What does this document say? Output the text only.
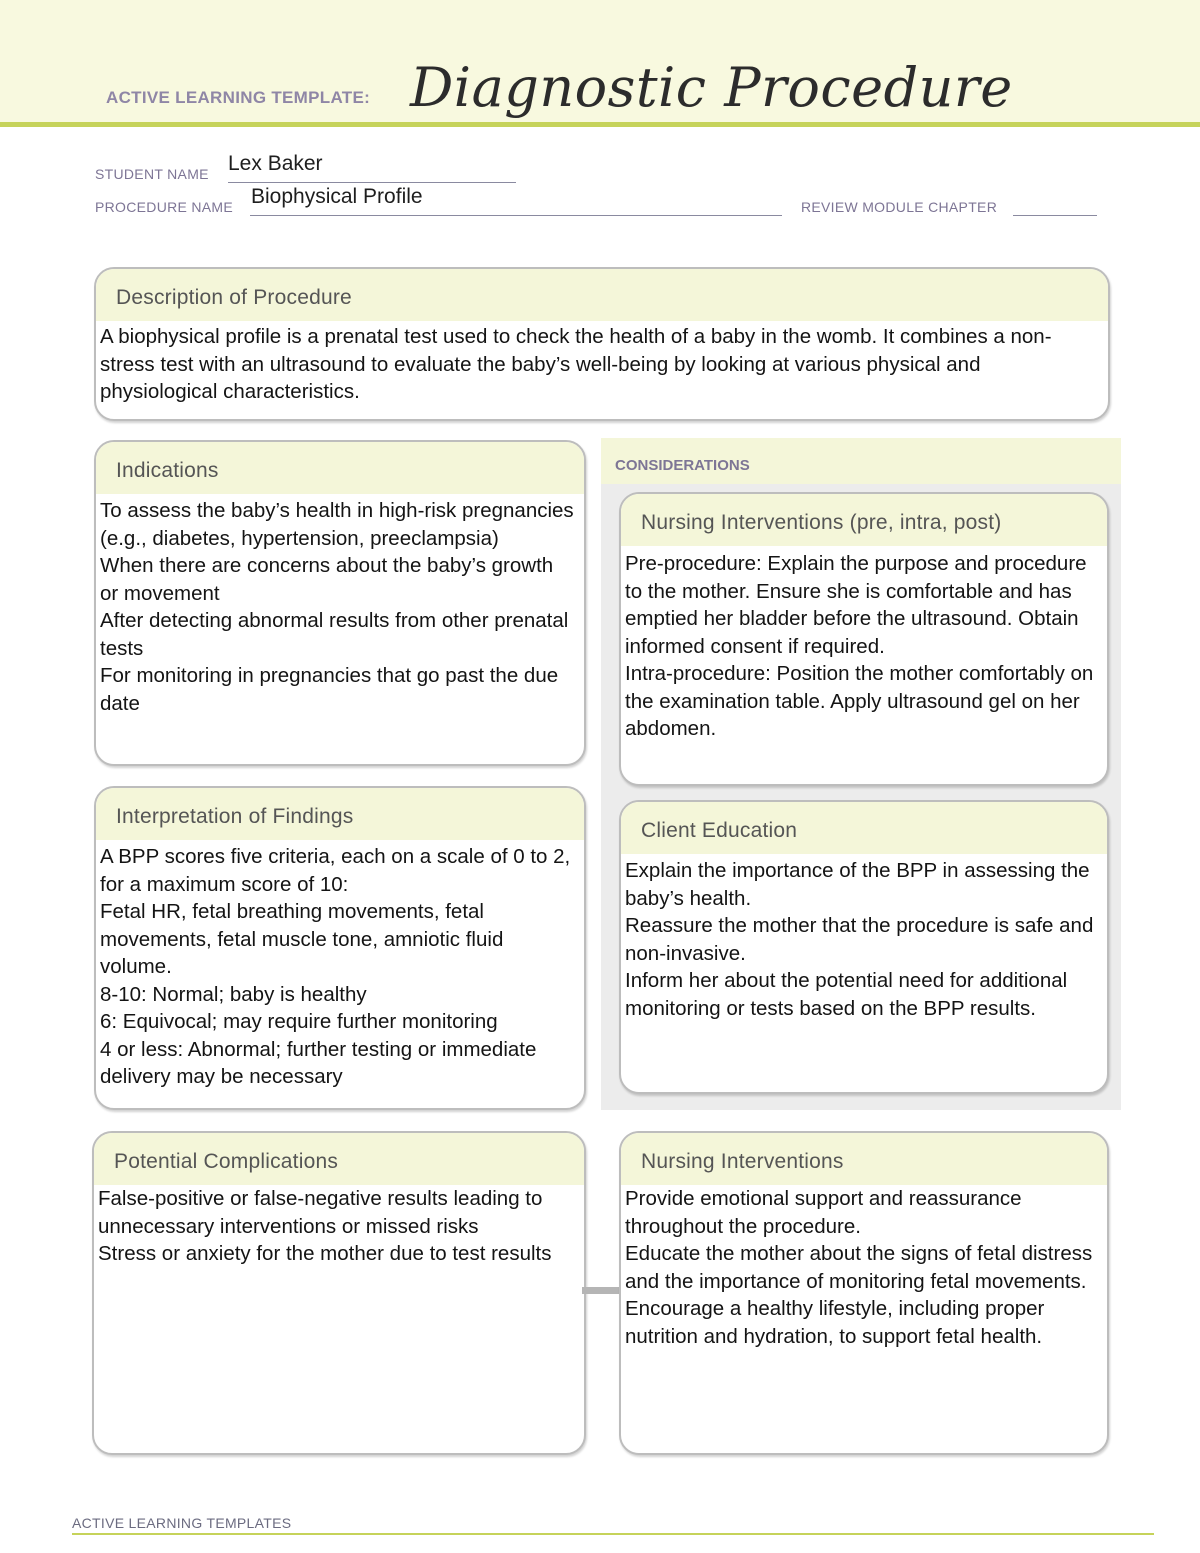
ACTIVE LEARNING TEMPLATE: Diagnostic Procedure
STUDENT NAME Lex Baker
PROCEDURE NAME Biophysical Profile	REVIEW MODULE CHAPTER
Description of Procedure
A biophysical profile is a prenatal test used to check the health of a baby in the womb. It combines a non-stress test with an ultrasound to evaluate the baby’s well-being by looking at various physical and physiological characteristics.
Indications
To assess the baby’s health in high-risk pregnancies (e.g., diabetes, hypertension, preeclampsia)
When there are concerns about the baby’s growth or movement
After detecting abnormal results from other prenatal tests
For monitoring in pregnancies that go past the due date
Interpretation of Findings
A BPP scores five criteria, each on a scale of 0 to 2, for a maximum score of 10:
Fetal HR, fetal breathing movements, fetal movements, fetal muscle tone, amniotic fluid volume.
8-10: Normal; baby is healthy
6: Equivocal; may require further monitoring
4 or less: Abnormal; further testing or immediate delivery may be necessary
CONSIDERATIONS
Nursing Interventions (pre, intra, post)
Pre-procedure: Explain the purpose and procedure to the mother. Ensure she is comfortable and has emptied her bladder before the ultrasound. Obtain informed consent if required.
Intra-procedure: Position the mother comfortably on the examination table. Apply ultrasound gel on her abdomen.
Client Education
Explain the importance of the BPP in assessing the baby’s health.
Reassure the mother that the procedure is safe and non-invasive.
Inform her about the potential need for additional monitoring or tests based on the BPP results.
Potential Complications
False-positive or false-negative results leading to unnecessary interventions or missed risks
Stress or anxiety for the mother due to test results
Nursing Interventions
Provide emotional support and reassurance throughout the procedure.
Educate the mother about the signs of fetal distress and the importance of monitoring fetal movements.
Encourage a healthy lifestyle, including proper nutrition and hydration, to support fetal health.
ACTIVE LEARNING TEMPLATES
